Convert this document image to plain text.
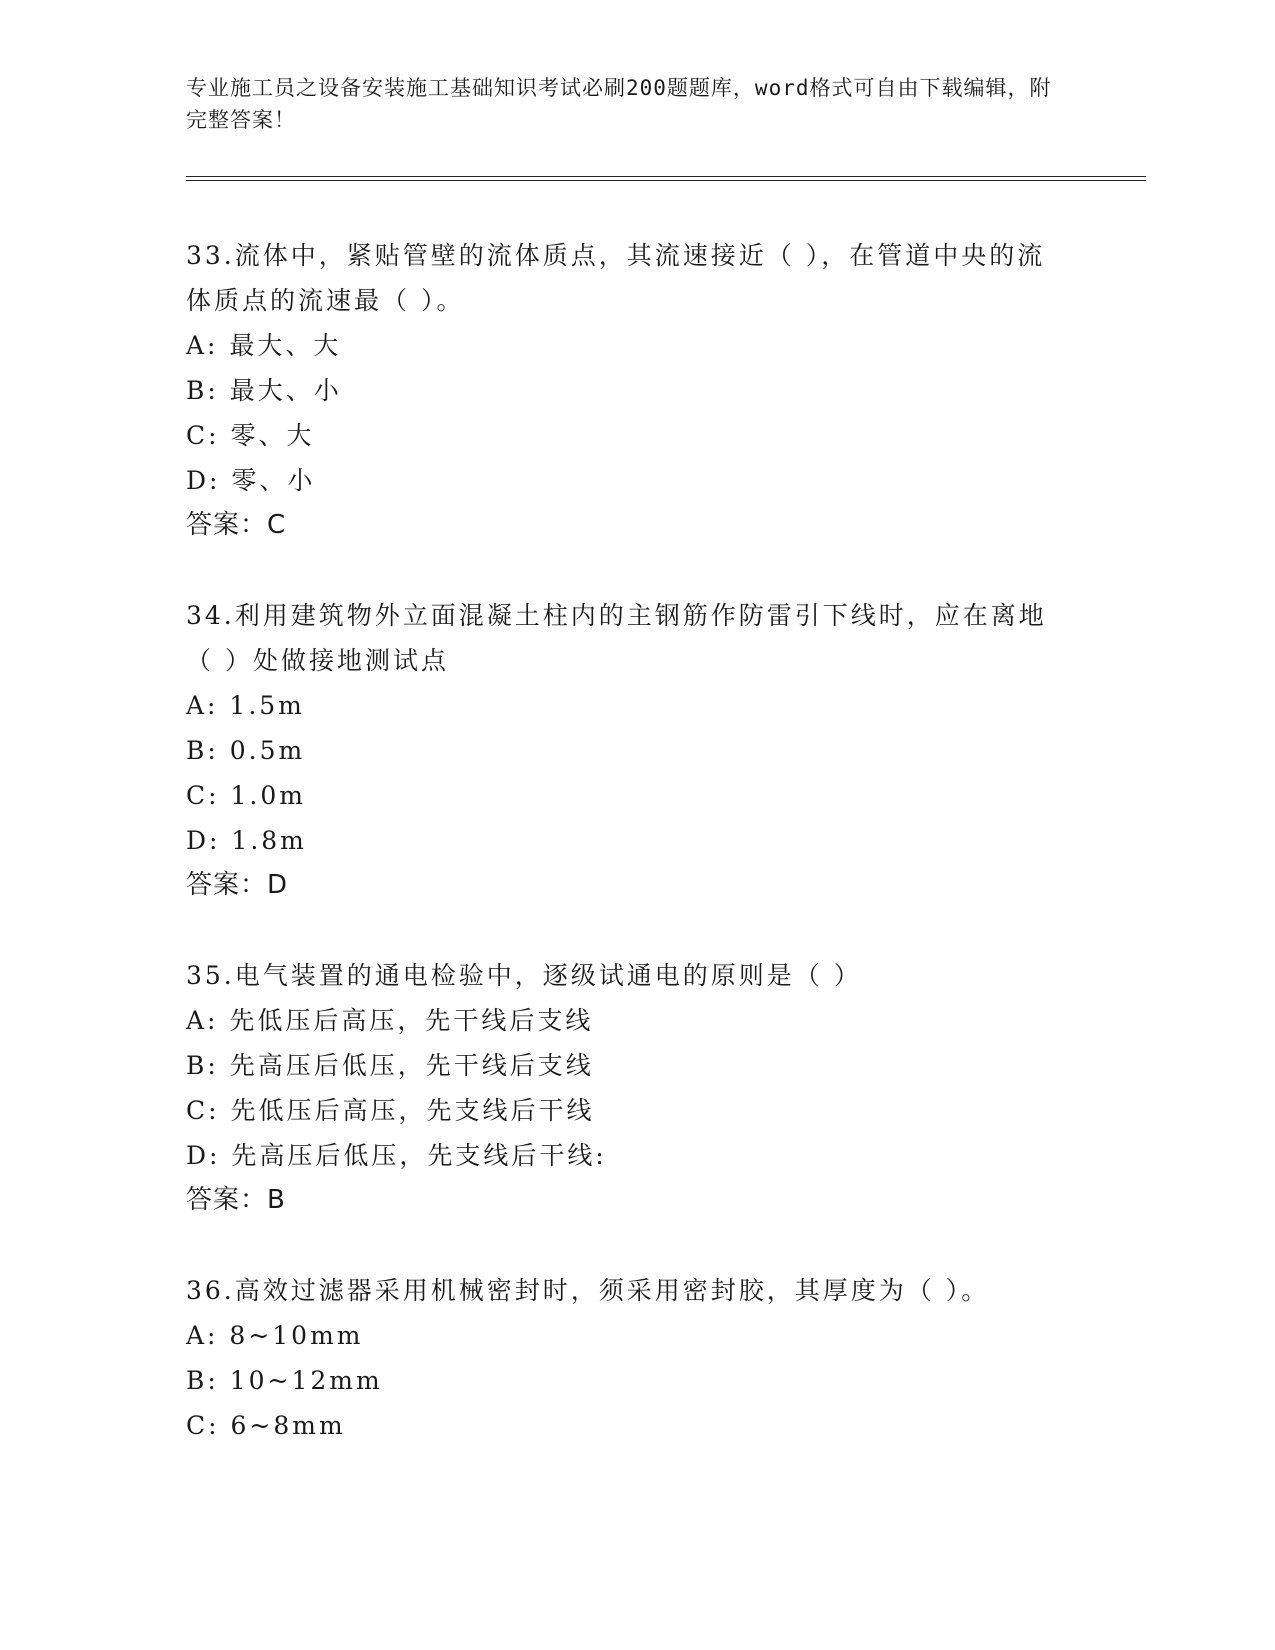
专业施工员之设备安装施工基础知识考试必刷200题题库，word格式可自由下载编辑，附完整答案！

33.流体中，紧贴管壁的流体质点，其流速接近（ ），在管道中央的流体质点的流速最（ ）。

A: 最大、大

B: 最大、小

C: 零、大

D: 零、小

答案：C

34.利用建筑物外立面混凝土柱内的主钢筋作防雷引下线时，应在离地（ ）处做接地测试点

A: 1.5m

B: 0.5m

C: 1.0m

D: 1.8m

答案：D

35.电气装置的通电检验中，逐级试通电的原则是（ ）

A: 先低压后高压，先干线后支线

B: 先高压后低压，先干线后支线

C: 先低压后高压，先支线后干线

D: 先高压后低压，先支线后干线:

答案：B

36.高效过滤器采用机械密封时，须采用密封胶，其厚度为（ ）。

A: 8~10mm

B: 10~12mm

C: 6~8mm
